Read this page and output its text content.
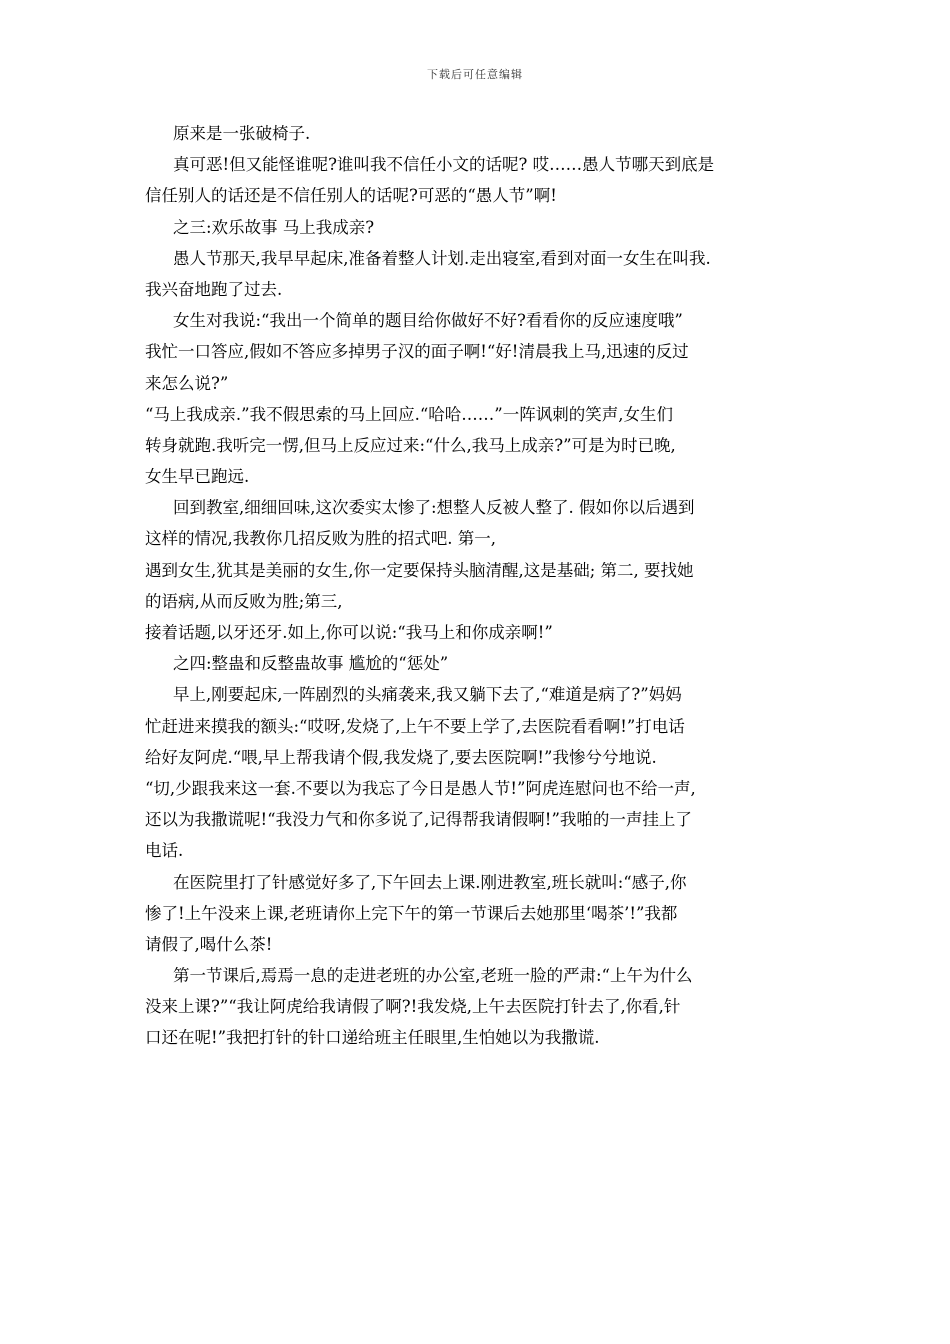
下载后可任意编辑
原来是一张破椅子.
真可恶!但又能怪谁呢?谁叫我不信任小文的话呢? 哎……愚人节哪天到底是
信任别人的话还是不信任别人的话呢?可恶的“愚人节”啊!
之三:欢乐故事 马上我成亲?
愚人节那天,我早早起床,准备着整人计划.走出寝室,看到对面一女生在叫我.
我兴奋地跑了过去.
女生对我说:“我出一个简单的题目给你做好不好?看看你的反应速度哦”
我忙一口答应,假如不答应多掉男子汉的面子啊!“好!清晨我上马,迅速的反过
来怎么说?”
“马上我成亲.”我不假思索的马上回应.“哈哈……”一阵讽刺的笑声,女生们
转身就跑.我听完一愣,但马上反应过来:“什么,我马上成亲?”可是为时已晚,
女生早已跑远.
回到教室,细细回味,这次委实太惨了:想整人反被人整了. 假如你以后遇到
这样的情况,我教你几招反败为胜的招式吧. 第一,
遇到女生,犹其是美丽的女生,你一定要保持头脑清醒,这是基础; 第二, 要找她
的语病,从而反败为胜;第三,
接着话题,以牙还牙.如上,你可以说:“我马上和你成亲啊!”
之四:整蛊和反整蛊故事 尴尬的“惩处”
早上,刚要起床,一阵剧烈的头痛袭来,我又躺下去了,“难道是病了?”妈妈
忙赶进来摸我的额头:“哎呀,发烧了,上午不要上学了,去医院看看啊!”打电话
给好友阿虎.“喂,早上帮我请个假,我发烧了,要去医院啊!”我惨兮兮地说.
“切,少跟我来这一套.不要以为我忘了今日是愚人节!”阿虎连慰问也不给一声,
还以为我撒谎呢!“我没力气和你多说了,记得帮我请假啊!”我啪的一声挂上了
电话.
在医院里打了针感觉好多了,下午回去上课.刚进教室,班长就叫:“感子,你
惨了!上午没来上课,老班请你上完下午的第一节课后去她那里‘喝茶’!”我都
请假了,喝什么茶!
第一节课后,焉焉一息的走进老班的办公室,老班一脸的严肃:“上午为什么
没来上课?”“我让阿虎给我请假了啊?!我发烧,上午去医院打针去了,你看,针
口还在呢!”我把打针的针口递给班主任眼里,生怕她以为我撒谎.
